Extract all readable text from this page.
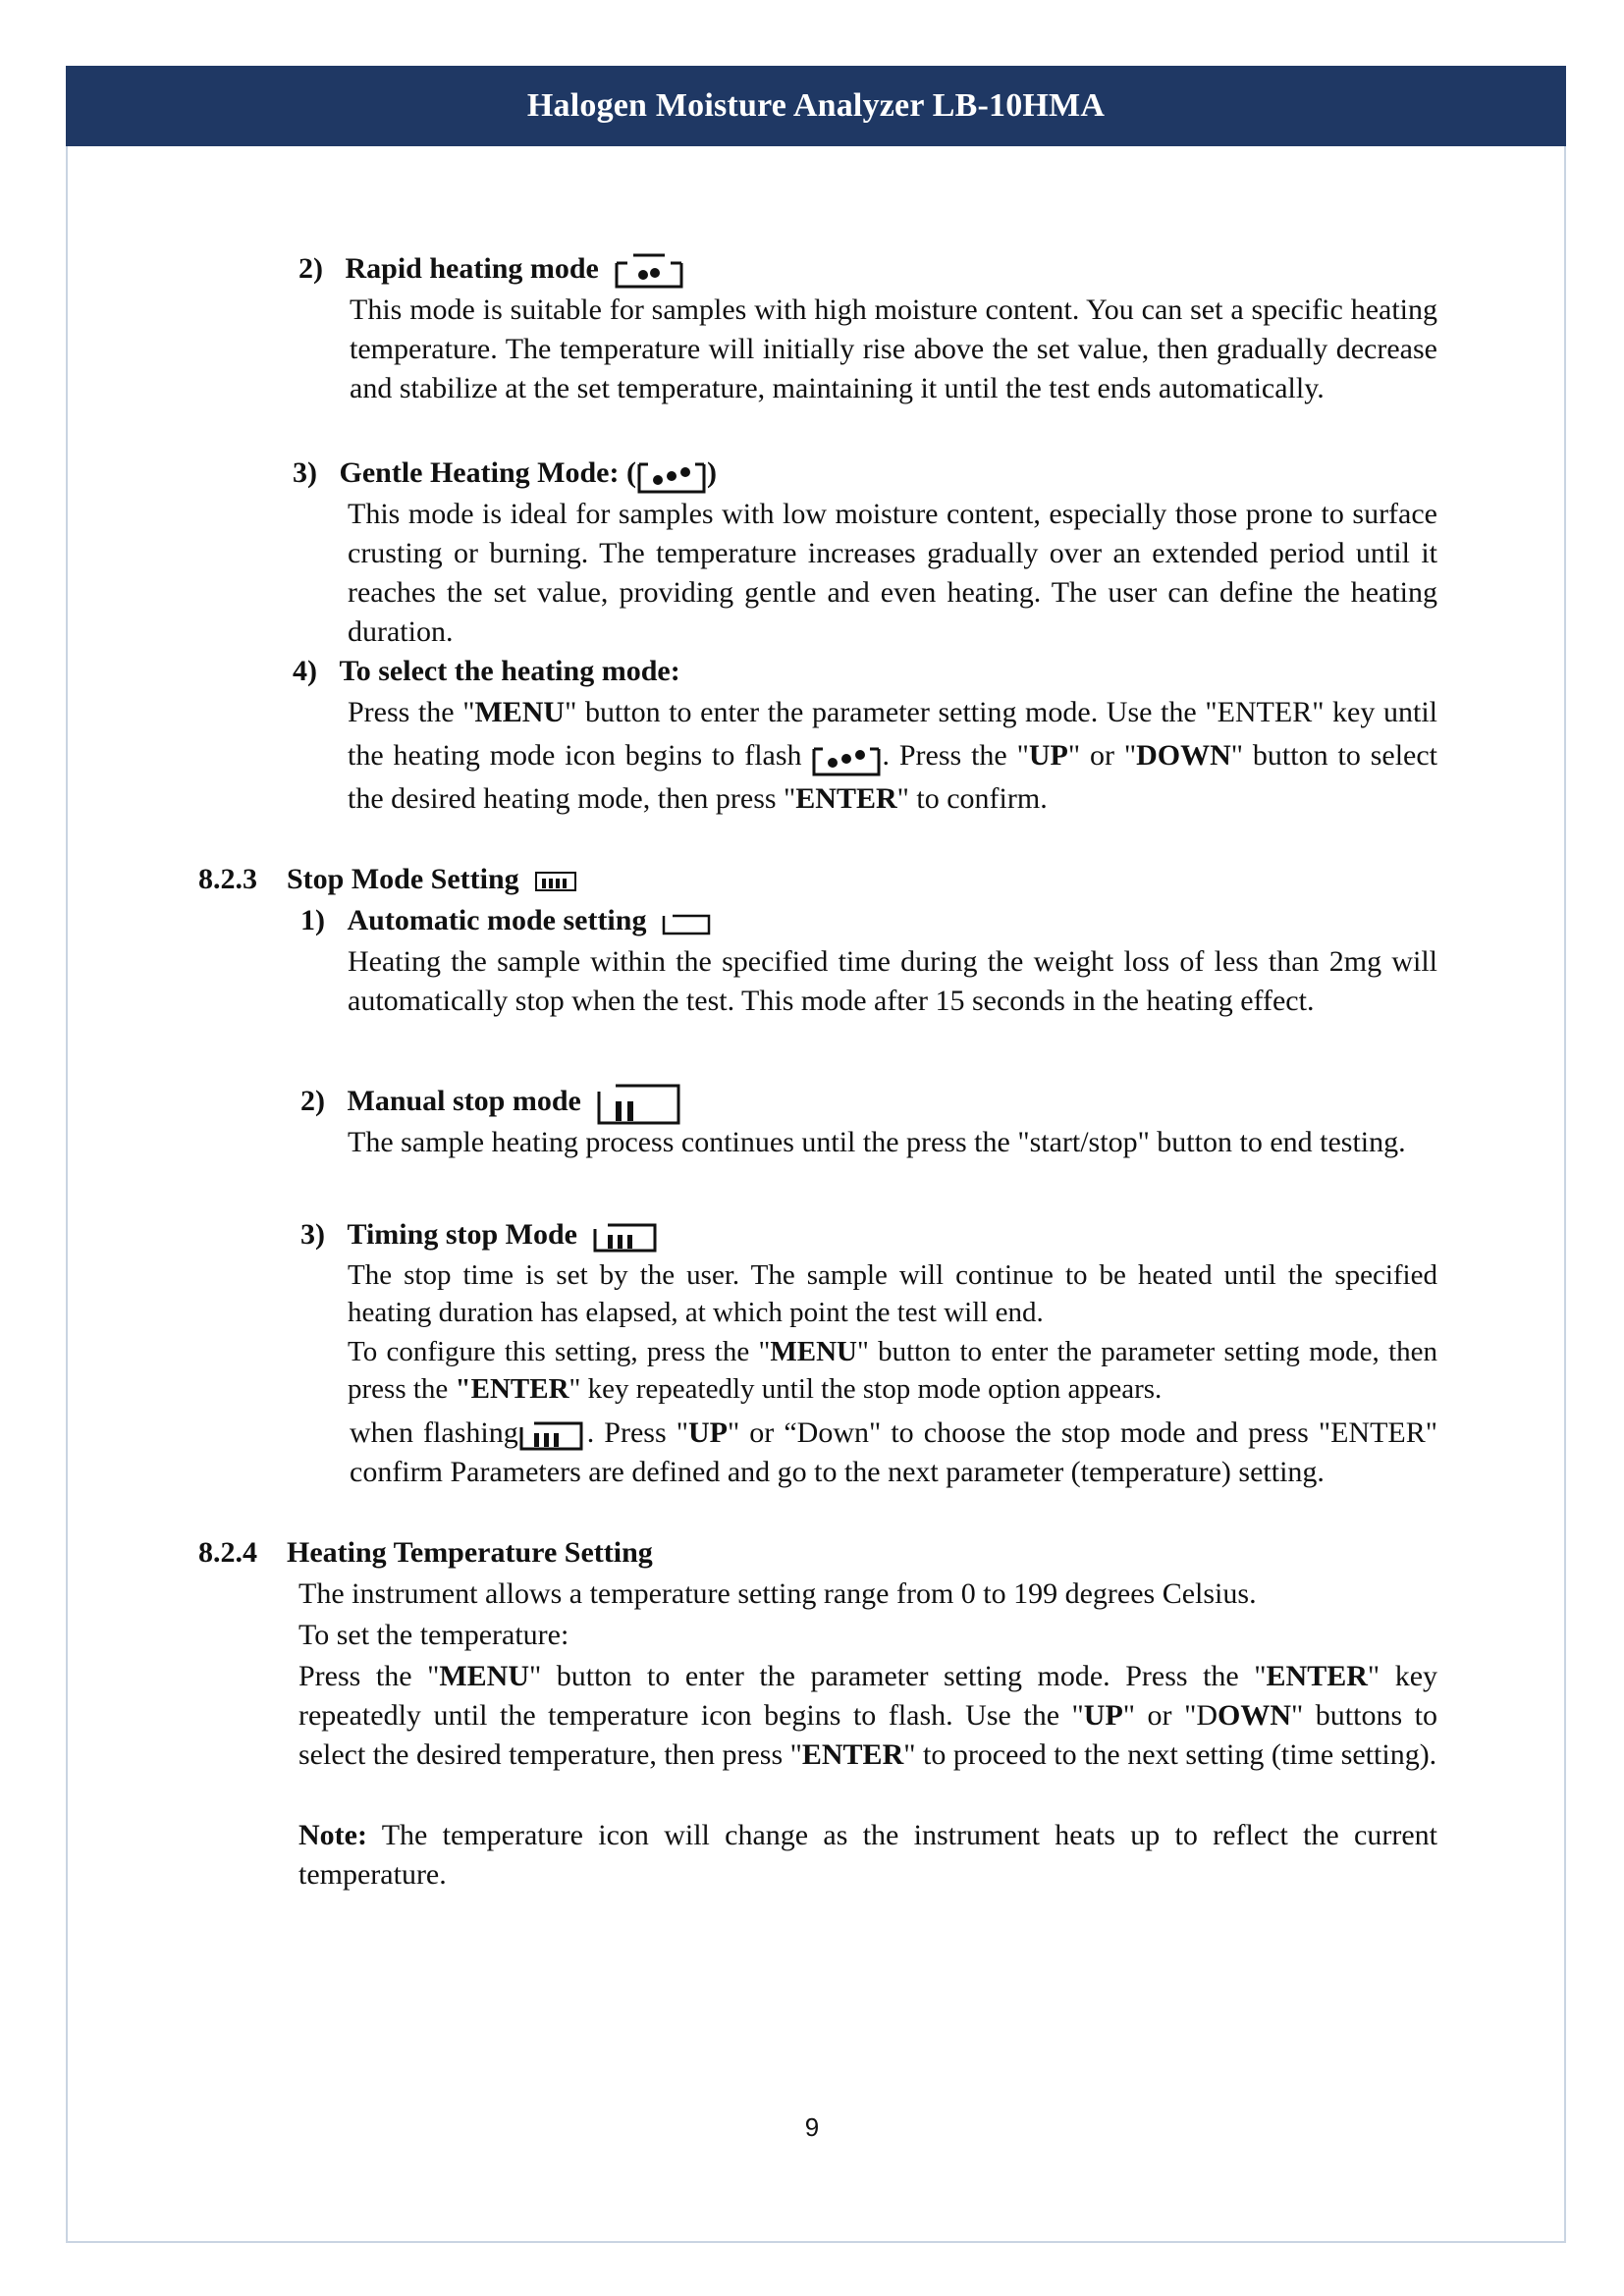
Halogen Moisture Analyzer LB-10HMA
2) Rapid heating mode
This mode is suitable for samples with high moisture content. You can set a specific heating temperature. The temperature will initially rise above the set value, then gradually decrease and stabilize at the set temperature, maintaining it until the test ends automatically.
3) Gentle Heating Mode: ( )
This mode is ideal for samples with low moisture content, especially those prone to surface crusting or burning. The temperature increases gradually over an extended period until it reaches the set value, providing gentle and even heating. The user can define the heating duration.
4) To select the heating mode:
Press the "MENU" button to enter the parameter setting mode. Use the "ENTER" key until the heating mode icon begins to flash
. Press the "UP" or "DOWN" button to select the desired heating mode, then press "ENTER" to confirm.
8.2.3 Stop Mode Setting
1) Automatic mode setting
Heating the sample within the specified time during the weight loss of less than 2mg will automatically stop when the test. This mode after 15 seconds in the heating effect.
2) Manual stop mode
The sample heating process continues until the press the "start/stop" button to end testing.
3) Timing stop Mode
The stop time is set by the user. The sample will continue to be heated until the specified heating duration has elapsed, at which point the test will end.
To configure this setting, press the "MENU" button to enter the parameter setting mode, then press the "ENTER" key repeatedly until the stop mode option appears.
when flashing . Press "UP" or “Down" to choose the stop mode and press "ENTER" confirm Parameters are defined and go to the next parameter (temperature) setting.
8.2.4 Heating Temperature Setting
The instrument allows a temperature setting range from 0 to 199 degrees Celsius.
To set the temperature:
Press the "MENU" button to enter the parameter setting mode. Press the "ENTER" key repeatedly until the temperature icon begins to flash. Use the "UP" or "DOWN" buttons to select the desired temperature, then press "ENTER" to proceed to the next setting (time setting).
Note: The temperature icon will change as the instrument heats up to reflect the current temperature.
9
